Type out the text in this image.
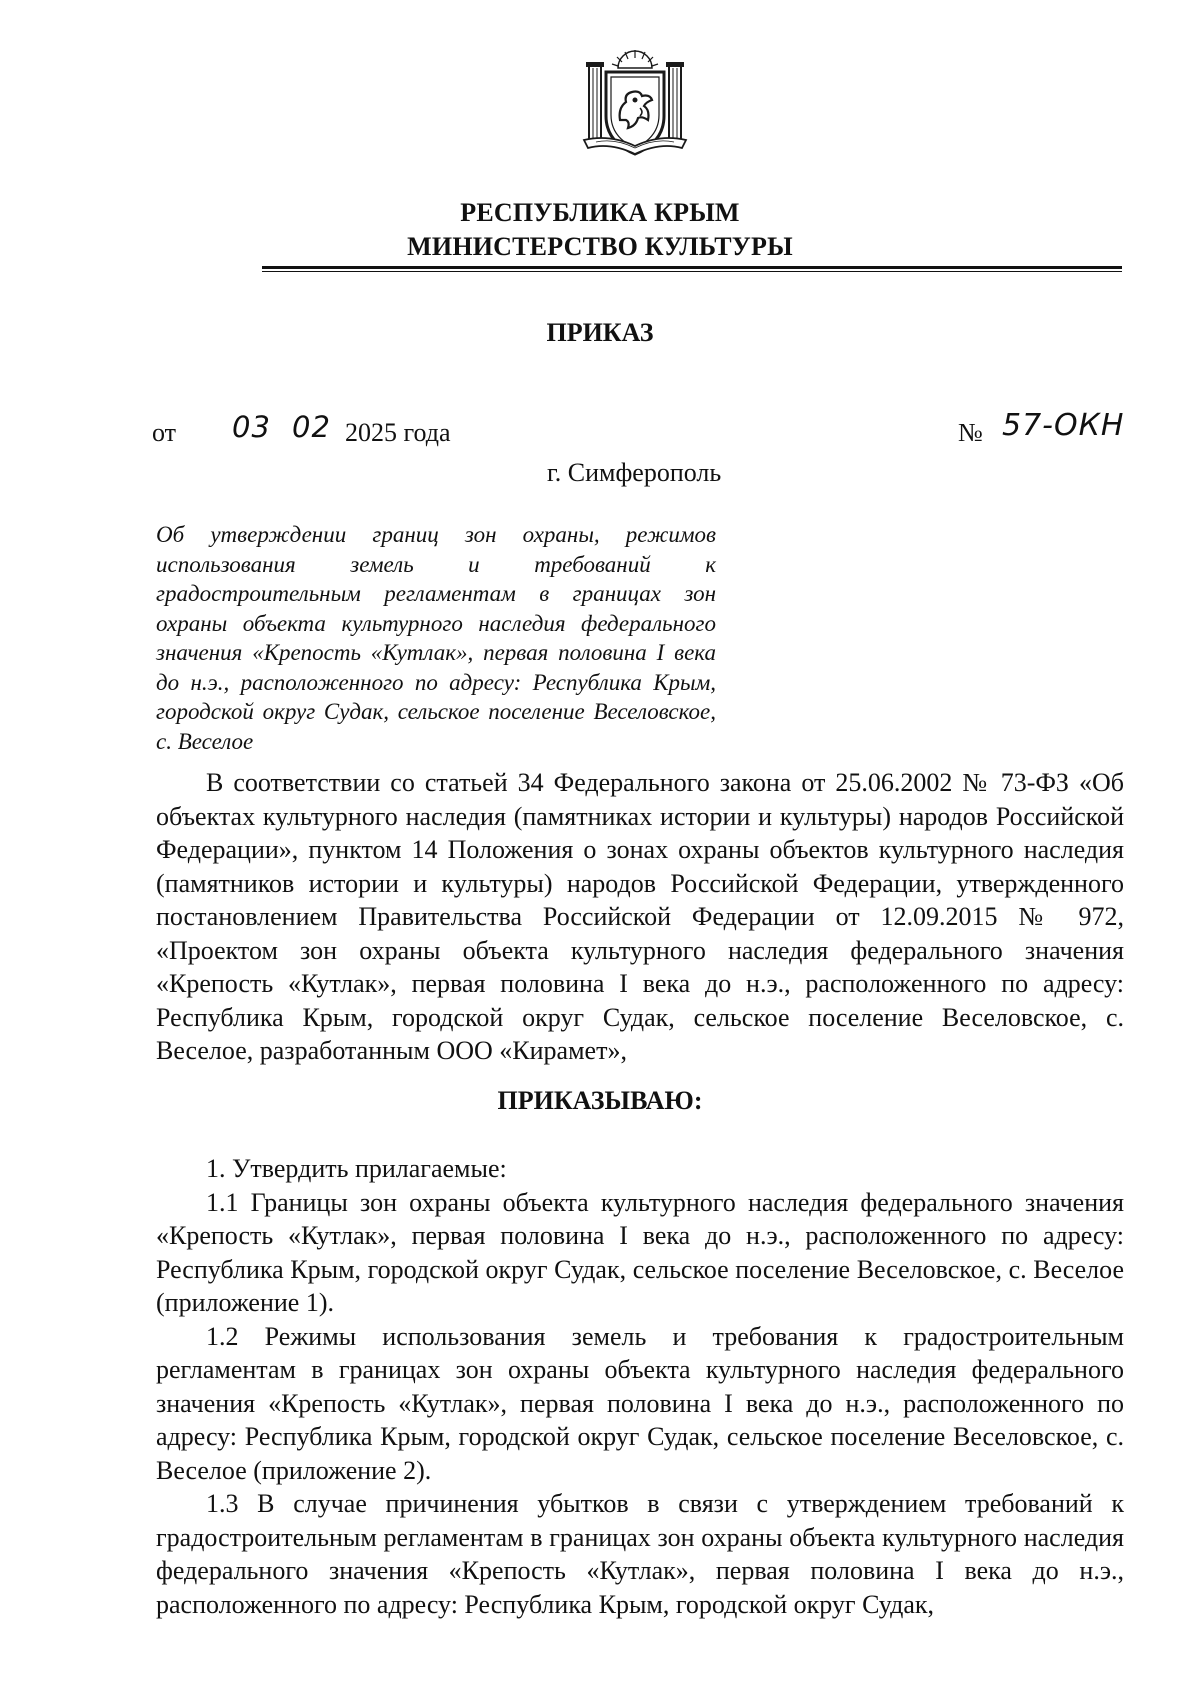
РЕСПУБЛИКА КРЫМ
МИНИСТЕРСТВО КУЛЬТУРЫ
ПРИКАЗ
от 03 02 2025 года	№ 57-ОКН
г. Симферополь
Об утверждении границ зон охраны, режимов использования земель и требований к градостроительным регламентам в границах зон охраны объекта культурного наследия федерального значения «Крепость «Кутлак», первая половина I века до н.э., расположенного по адресу: Республика Крым, городской округ Судак, сельское поселение Веселовское, с. Веселое
В соответствии со статьей 34 Федерального закона от 25.06.2002 № 73-ФЗ «Об объектах культурного наследия (памятниках истории и культуры) народов Российской Федерации», пунктом 14 Положения о зонах охраны объектов культурного наследия (памятников истории и культуры) народов Российской Федерации, утвержденного постановлением Правительства Российской Федерации от 12.09.2015 № 972, «Проектом зон охраны объекта культурного наследия федерального значения «Крепость «Кутлак», первая половина I века до н.э., расположенного по адресу: Республика Крым, городской округ Судак, сельское поселение Веселовское, с. Веселое, разработанным ООО «Кирамет»,
ПРИКАЗЫВАЮ:

1. Утвердить прилагаемые:

1.1 Границы зон охраны объекта культурного наследия федерального значения «Крепость «Кутлак», первая половина I века до н.э., расположенного по адресу: Республика Крым, городской округ Судак, сельское поселение Веселовское, с. Веселое (приложение 1).

1.2 Режимы использования земель и требования к градостроительным регламентам в границах зон охраны объекта культурного наследия федерального значения «Крепость «Кутлак», первая половина I века до н.э., расположенного по адресу: Республика Крым, городской округ Судак, сельское поселение Веселовское, с. Веселое (приложение 2).

1.3 В случае причинения убытков в связи с утверждением требований к градостроительным регламентам в границах зон охраны объекта культурного наследия федерального значения «Крепость «Кутлак», первая половина I века до н.э., расположенного по адресу: Республика Крым, городской округ Судак,
